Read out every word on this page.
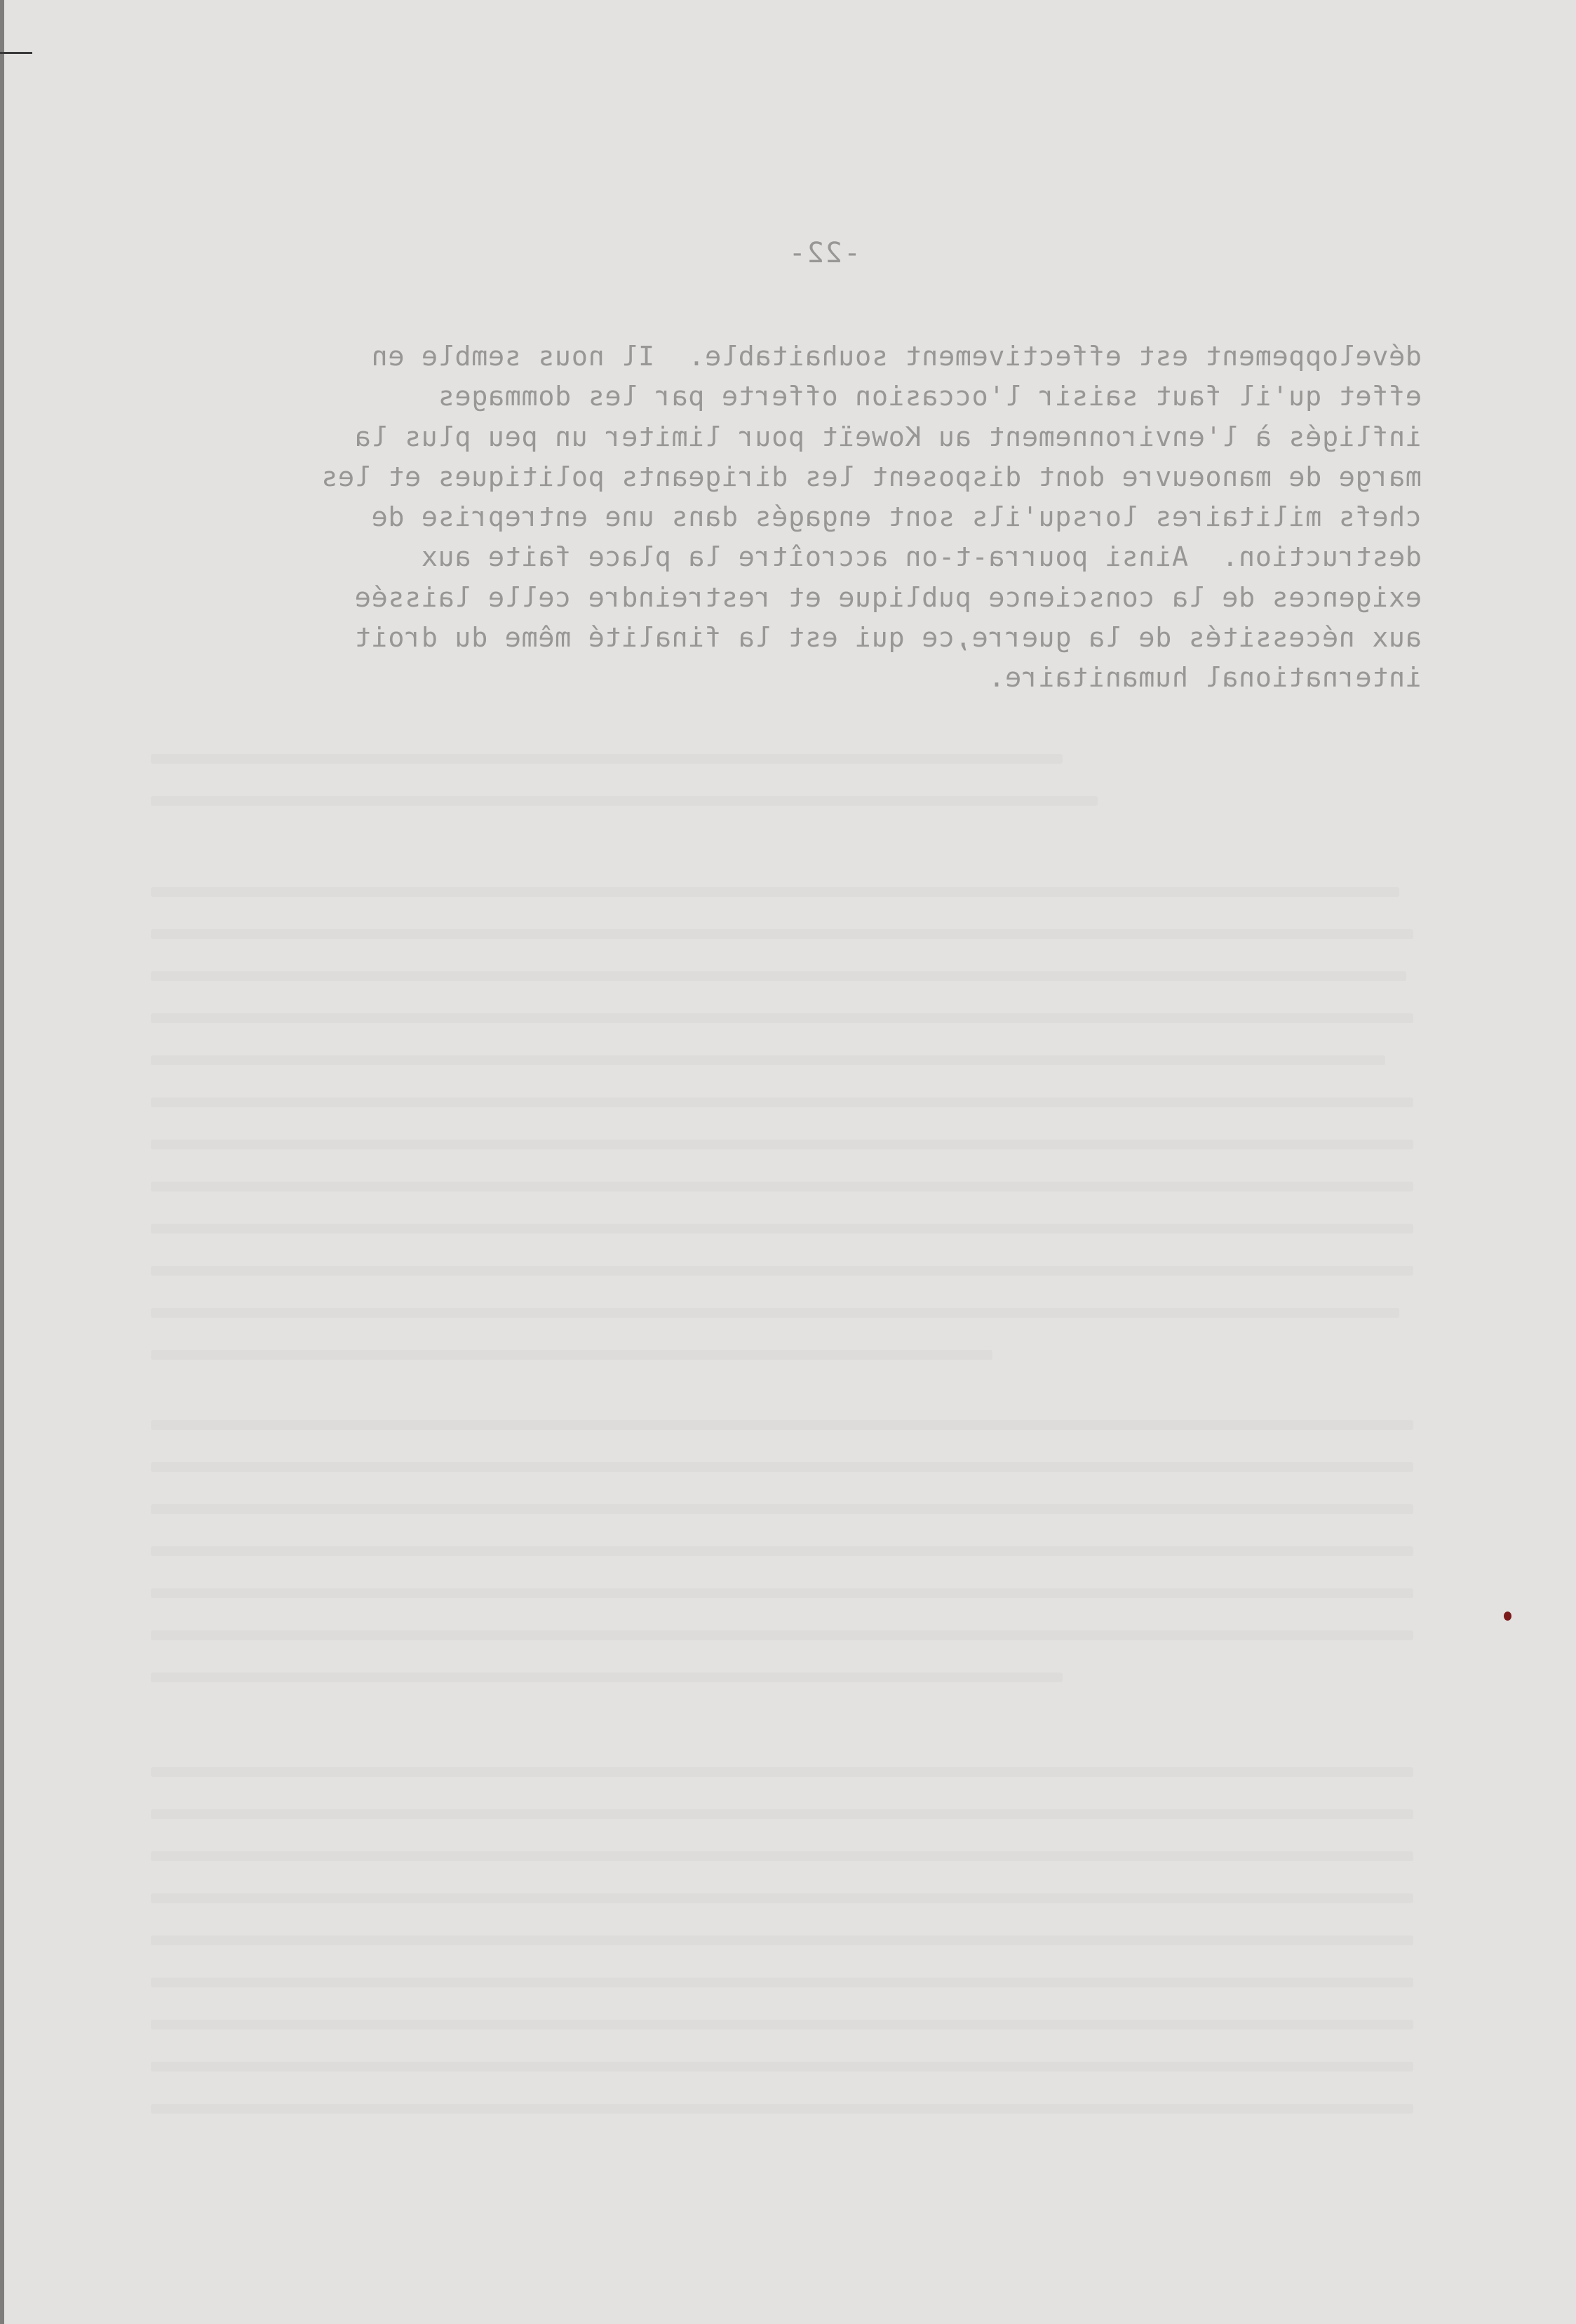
-22-
développement est effectivement souhaitable.  Il nous semble en
effet qu'il faut saisir l'occasion offerte par les dommages
infligés à l'environnement au Koweït pour limiter un peu plus la
marge de manoeuvre dont disposent les dirigeants politiques et les
chefs militaires lorsqu'ils sont engagés dans une entreprise de
destruction.  Ainsi pourra-t-on accroître la place faite aux
exigences de la conscience publique et restreindre celle laissée
aux nécessités de la guerre,ce qui est la finalité même du droit
international humanitaire.
